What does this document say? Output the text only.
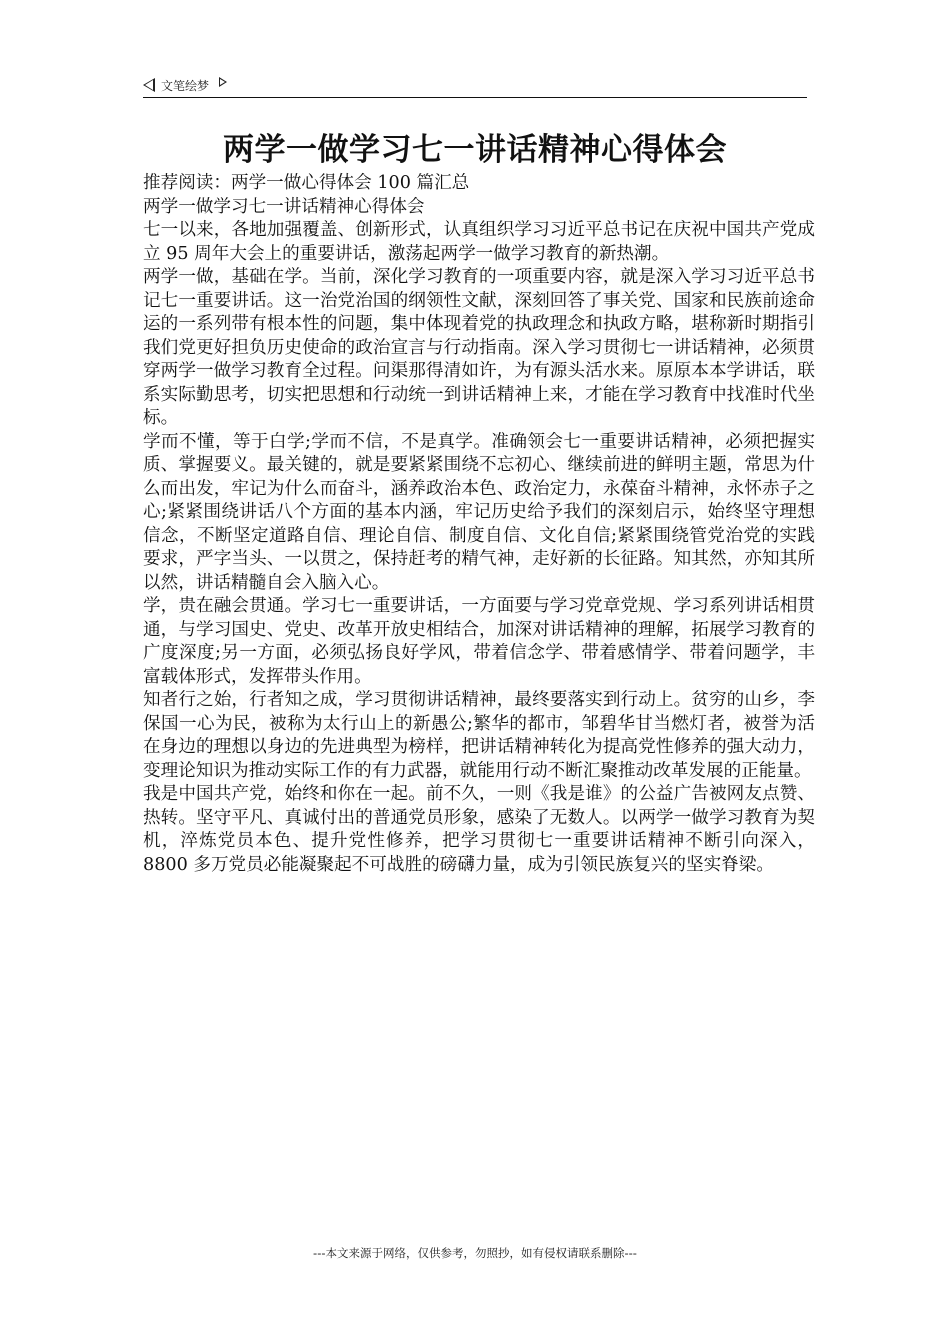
文笔绘梦
两学一做学习七一讲话精神心得体会

推荐阅读：两学一做心得体会 100 篇汇总

两学一做学习七一讲话精神心得体会

七一以来，各地加强覆盖、创新形式，认真组织学习习近平总书记在庆祝中国共产党成立 95 周年大会上的重要讲话，激荡起两学一做学习教育的新热潮。

两学一做，基础在学。当前，深化学习教育的一项重要内容，就是深入学习习近平总书记七一重要讲话。这一治党治国的纲领性文献，深刻回答了事关党、国家和民族前途命运的一系列带有根本性的问题，集中体现着党的执政理念和执政方略，堪称新时期指引我们党更好担负历史使命的政治宣言与行动指南。深入学习贯彻七一讲话精神，必须贯穿两学一做学习教育全过程。问渠那得清如许，为有源头活水来。原原本本学讲话，联系实际勤思考，切实把思想和行动统一到讲话精神上来，才能在学习教育中找准时代坐标。

学而不懂，等于白学;学而不信，不是真学。准确领会七一重要讲话精神，必须把握实质、掌握要义。最关键的，就是要紧紧围绕不忘初心、继续前进的鲜明主题，常思为什么而出发，牢记为什么而奋斗，涵养政治本色、政治定力，永葆奋斗精神，永怀赤子之心;紧紧围绕讲话八个方面的基本内涵，牢记历史给予我们的深刻启示，始终坚守理想信念，不断坚定道路自信、理论自信、制度自信、文化自信;紧紧围绕管党治党的实践要求，严字当头、一以贯之，保持赶考的精气神，走好新的长征路。知其然，亦知其所以然，讲话精髓自会入脑入心。

学，贵在融会贯通。学习七一重要讲话，一方面要与学习党章党规、学习系列讲话相贯通，与学习国史、党史、改革开放史相结合，加深对讲话精神的理解，拓展学习教育的广度深度;另一方面，必须弘扬良好学风，带着信念学、带着感情学、带着问题学，丰富载体形式，发挥带头作用。

知者行之始，行者知之成，学习贯彻讲话精神，最终要落实到行动上。贫穷的山乡，李保国一心为民，被称为太行山上的新愚公;繁华的都市，邹碧华甘当燃灯者，被誉为活在身边的理想以身边的先进典型为榜样，把讲话精神转化为提高党性修养的强大动力，变理论知识为推动实际工作的有力武器，就能用行动不断汇聚推动改革发展的正能量。

我是中国共产党，始终和你在一起。前不久，一则《我是谁》的公益广告被网友点赞、热转。坚守平凡、真诚付出的普通党员形象，感染了无数人。以两学一做学习教育为契机，淬炼党员本色、提升党性修养，把学习贯彻七一重要讲话精神不断引向深入，8800 多万党员必能凝聚起不可战胜的磅礴力量，成为引领民族复兴的坚实脊梁。

---本文来源于网络，仅供参考，勿照抄，如有侵权请联系删除---
